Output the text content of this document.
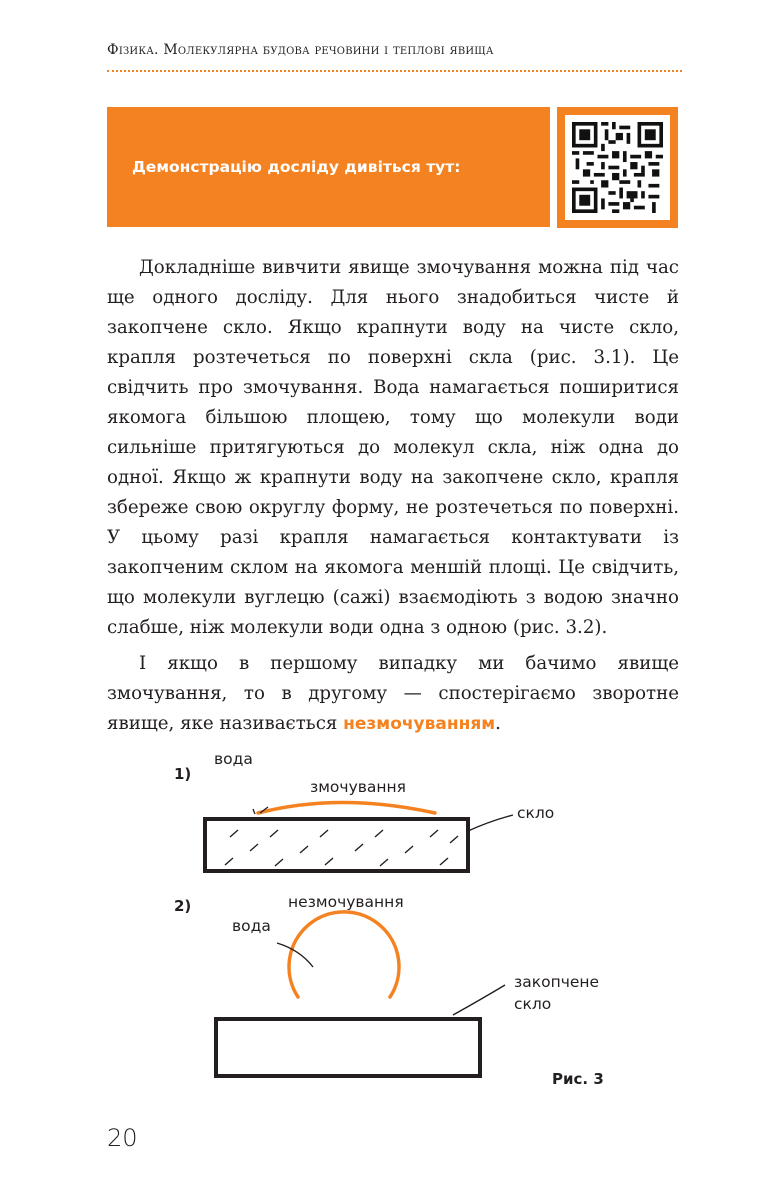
Фізика. Молекулярна будова речовини і теплові явища
Демонстрацію досліду дивіться тут:

Докладніше вивчити явище змочування можна під час ще одного досліду. Для нього знадобиться чисте й закопчене скло. Якщо крапнути воду на чисте скло, крапля розтечеться по поверхні скла (рис. 3.1). Це свідчить про змочування. Вода намагається поширитися якомога більшою площею, тому що молекули води сильніше притягуються до молекул скла, ніж одна до одної. Якщо ж крапнути воду на закопчене скло, крапля збереже свою округлу форму, не розтечеться по поверхні. У цьому разі крапля намагається контактувати із закопченим склом на якомога меншій площі. Це свідчить, що молекули вуглецю (сажі) взаємодіють з водою значно слабше, ніж молекули води одна з одною (рис. 3.2).

І якщо в першому випадку ми бачимо явище змочування, то в другому — спостерігаємо зворотне явище, яке називається незмочуванням.

1)
вода
змочування
скло
2)	незмочування
вода
закопчене
скло
Рис. 3
20
